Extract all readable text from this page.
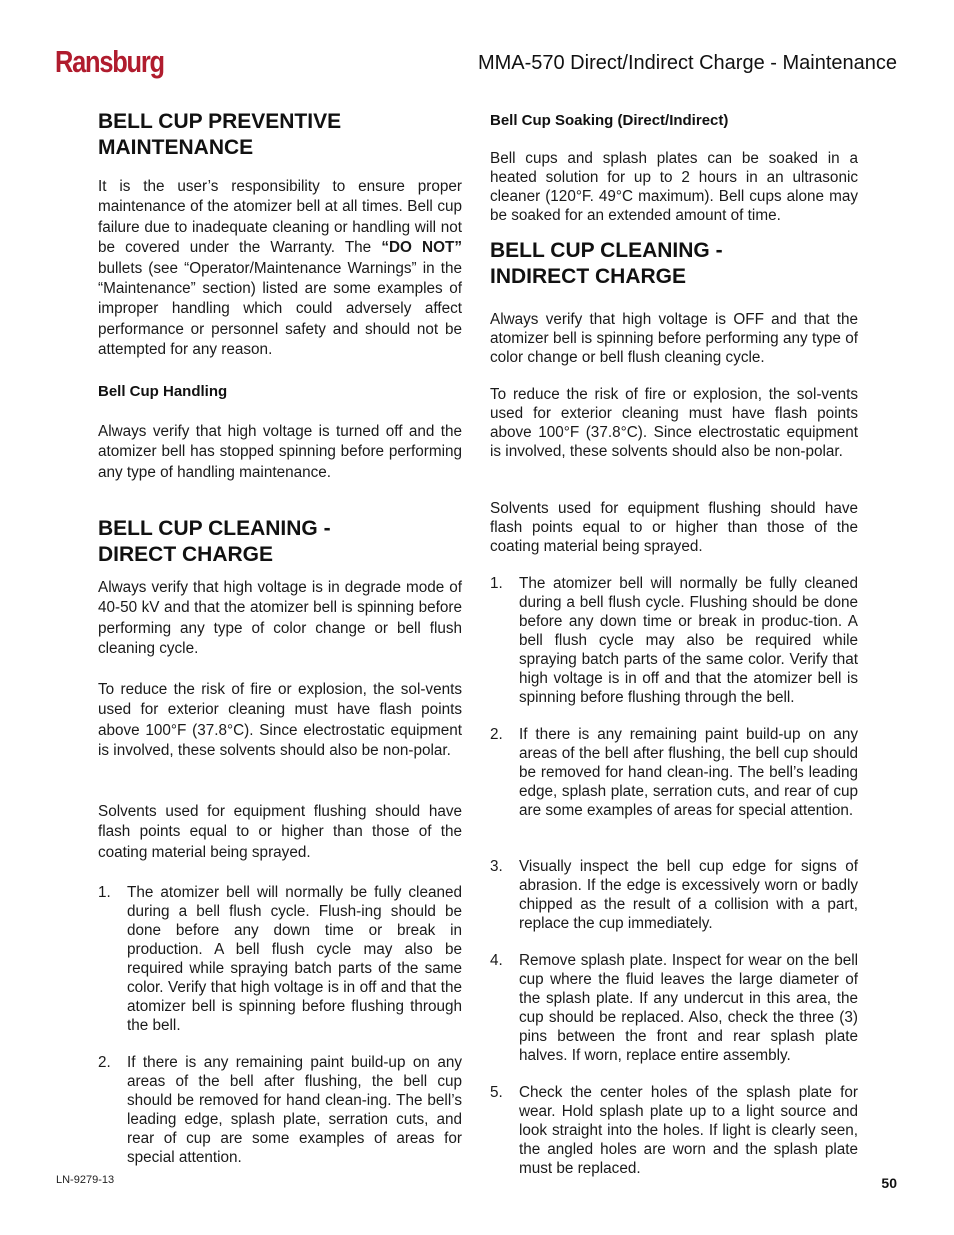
Ransburg	MMA-570 Direct/Indirect Charge - Maintenance

BELL CUP PREVENTIVE
MAINTENANCE

It is the user’s responsibility to ensure proper maintenance of the atomizer bell at all times. Bell cup failure due to inadequate cleaning or handling will not be covered under the Warranty. The “DO NOT” bullets (see “Operator/Maintenance Warnings” in the “Maintenance” section) listed are some examples of improper handling which could adversely affect performance or personnel safety and should not be attempted for any reason.

Bell Cup Handling

Always verify that high voltage is turned off and the atomizer bell has stopped spinning before performing any type of handling maintenance.

BELL CUP CLEANING -
DIRECT CHARGE

Always verify that high voltage is in degrade mode of 40-50 kV and that the atomizer bell is spinning before performing any type of color change or bell flush cleaning cycle.

To reduce the risk of fire or explosion, the sol-vents used for exterior cleaning must have flash points above 100°F (37.8°C). Since electrostatic equipment is involved, these solvents should also be non-polar.

Solvents used for equipment flushing should have flash points equal to or higher than those of the coating material being sprayed.

1. The atomizer bell will normally be fully cleaned during a bell flush cycle. Flush-ing should be done before any down time or break in production. A bell flush cycle may also be required while spraying batch parts of the same color. Verify that high voltage is in off and that the atomizer bell is spinning before flushing through the bell.
2. If there is any remaining paint build-up on any areas of the bell after flushing, the bell cup should be removed for hand clean-ing. The bell’s leading edge, splash plate, serration cuts, and rear of cup are some examples of areas for special attention.

Bell Cup Soaking (Direct/Indirect)

Bell cups and splash plates can be soaked in a heated solution for up to 2 hours in an ultrasonic cleaner (120°F. 49°C maximum). Bell cups alone may be soaked for an extended amount of time.

BELL CUP CLEANING -
INDIRECT CHARGE

Always verify that high voltage is OFF and that the atomizer bell is spinning before performing any type of color change or bell flush cleaning cycle.

To reduce the risk of fire or explosion, the sol-vents used for exterior cleaning must have flash points above 100°F (37.8°C). Since electrostatic equipment is involved, these solvents should also be non-polar.

Solvents used for equipment flushing should have flash points equal to or higher than those of the coating material being sprayed.

1. The atomizer bell will normally be fully cleaned during a bell flush cycle. Flushing should be done before any down time or break in produc-tion. A bell flush cycle may also be required while spraying batch parts of the same color. Verify that high voltage is in off and that the atomizer bell is spinning before flushing through the bell.
2. If there is any remaining paint build-up on any areas of the bell after flushing, the bell cup should be removed for hand clean-ing. The bell’s leading edge, splash plate, serration cuts, and rear of cup are some examples of areas for special attention.
3. Visually inspect the bell cup edge for signs of abrasion. If the edge is excessively worn or badly chipped as the result of a collision with a part, replace the cup immediately.
4. Remove splash plate. Inspect for wear on the bell cup where the fluid leaves the large diameter of the splash plate. If any undercut in this area, the cup should be replaced. Also, check the three (3) pins between the front and rear splash plate halves. If worn, replace entire assembly.
5. Check the center holes of the splash plate for wear. Hold splash plate up to a light source and look straight into the holes. If light is clearly seen, the angled holes are worn and the splash plate must be replaced.
LN-9279-13	50
